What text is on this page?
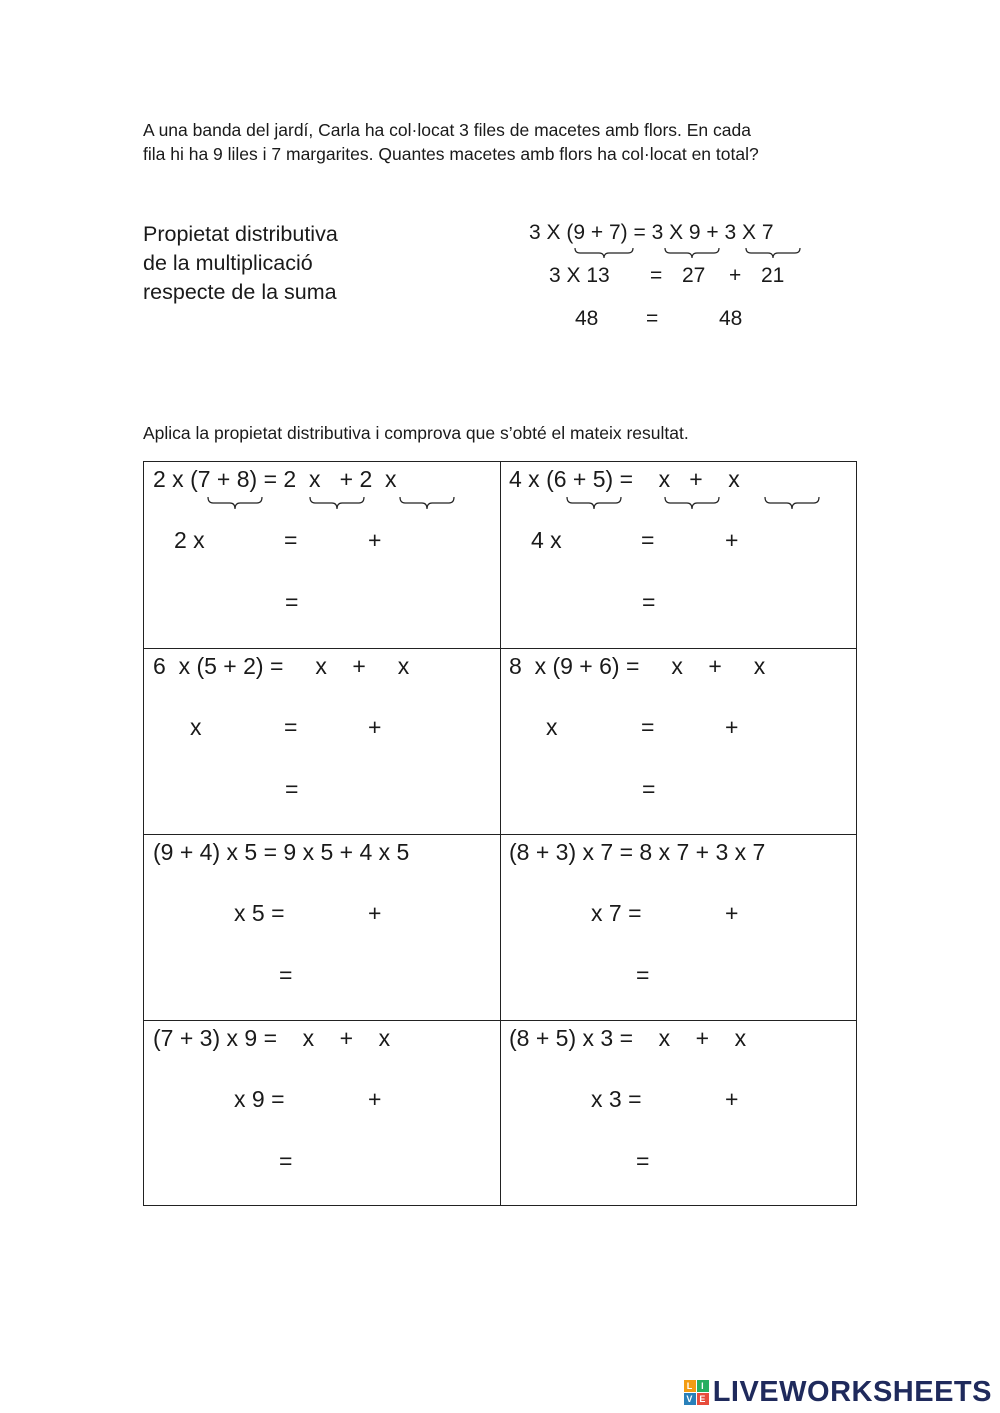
A una banda del jardí, Carla ha col·locat 3 files de macetes amb flors. En cada
fila hi ha 9 liles i 7 margarites. Quantes macetes amb flors ha col·locat en total?
Propietat distributiva
de la multiplicació
respecte de la suma
3 X (9 + 7) = 3 X 9 + 3 X 7
3 X 13 = 27 + 21
48 =	48
Aplica la propietat distributiva i comprova que s’obté el mateix resultat.
2 x (7 + 8) = 2  x   + 2  x
2 x	=	+
=
4 x (6 + 5) =    x   +    x
4 x	=	+
=
6  x (5 + 2) =     x    +     x
x	=	+
=
8  x (9 + 6) =     x    +     x
x	=	+
=
(9 + 4) x 5 = 9 x 5 + 4 x 5
x 5 =	+
=
(8 + 3) x 7 = 8 x 7 + 3 x 7
x 7 =	+
=
(7 + 3) x 9 =    x    +    x
x 9 =	+
=
(8 + 5) x 3 =    x    +    x
x 3 =	+
=
L I
V E LIVEWORKSHEETS
